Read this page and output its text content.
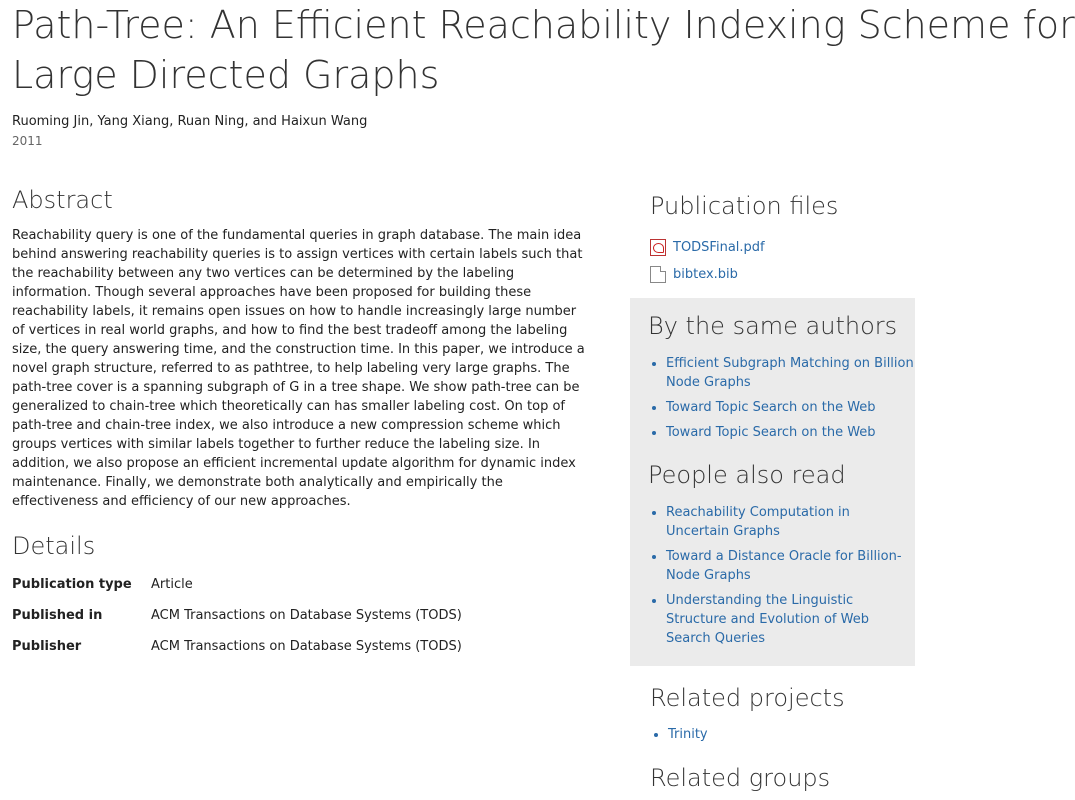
Path-Tree: An Efficient Reachability Indexing Scheme for
Large Directed Graphs
Ruoming Jin, Yang Xiang, Ruan Ning, and Haixun Wang
2011
Abstract

Reachability query is one of the fundamental queries in graph database. The main idea behind answering reachability queries is to assign vertices with certain labels such that the reachability between any two vertices can be determined by the labeling information. Though several approaches have been proposed for building these reachability labels, it remains open issues on how to handle increasingly large number of vertices in real world graphs, and how to find the best tradeoff among the labeling size, the query answering time, and the construction time. In this paper, we introduce a novel graph structure, referred to as pathtree, to help labeling very large graphs. The path-tree cover is a spanning subgraph of G in a tree shape. We show path-tree can be generalized to chain-tree which theoretically can has smaller labeling cost. On top of path-tree and chain-tree index, we also introduce a new compression scheme which groups vertices with similar labels together to further reduce the labeling size. In addition, we also propose an efficient incremental update algorithm for dynamic index maintenance. Finally, we demonstrate both analytically and empirically the effectiveness and efficiency of our new approaches.

Details
Publication type	Article
Published in	ACM Transactions on Database Systems (TODS)
Publisher	ACM Transactions on Database Systems (TODS)
Publication files
TODSFinal.pdf
bibtex.bib
By the same authors
• Efficient Subgraph Matching on Billion Node Graphs
• Toward Topic Search on the Web
• Toward Topic Search on the Web
People also read
• Reachability Computation in Uncertain Graphs
• Toward a Distance Oracle for Billion-Node Graphs
• Understanding the Linguistic Structure and Evolution of Web Search Queries
Related projects
• Trinity
Related groups
